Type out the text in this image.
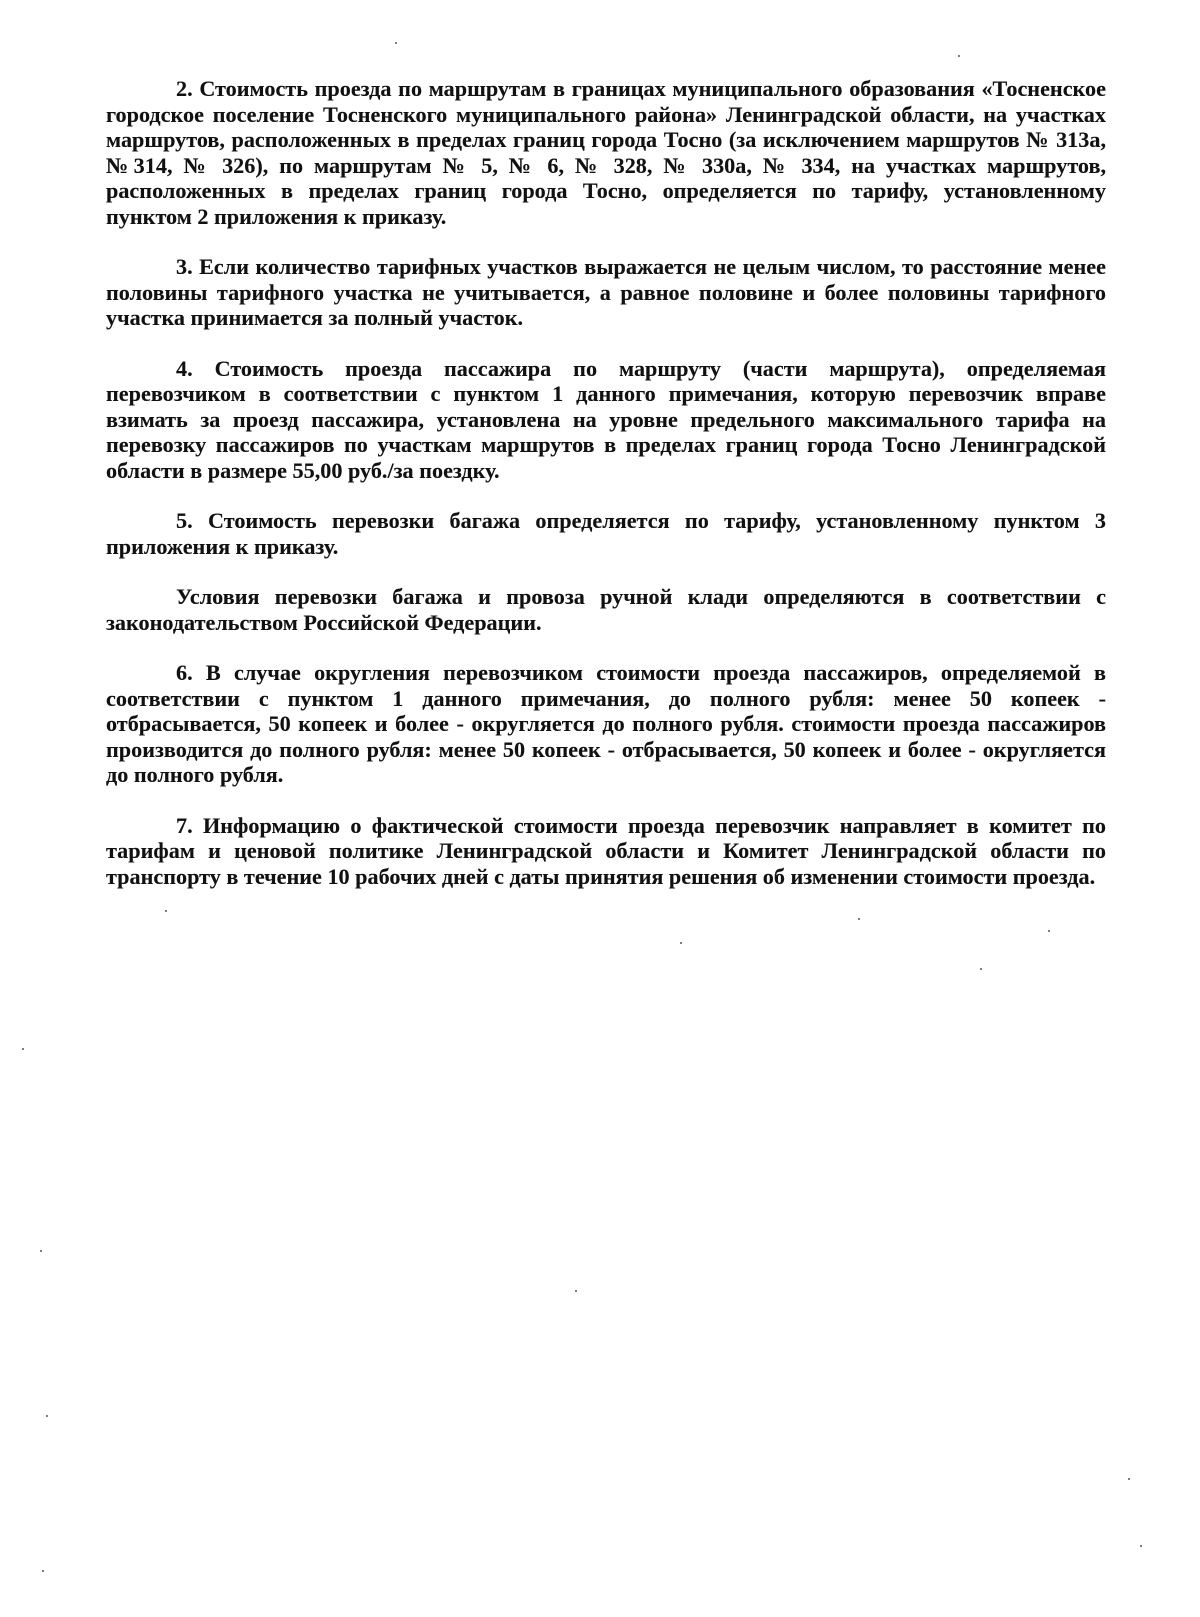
2. Стоимость проезда по маршрутам в границах муниципального образования «Тосненское городское поселение Тосненского муниципального района» Ленинградской области, на участках маршрутов, расположенных в пределах границ города Тосно (за исключением маршрутов № 313а, №314, № 326), по маршрутам № 5, № 6, № 328, № 330а, № 334, на участках маршрутов, расположенных в пределах границ города Тосно, определяется по тарифу, установленному пунктом 2 приложения к приказу.

3. Если количество тарифных участков выражается не целым числом, то расстояние менее половины тарифного участка не учитывается, а равное половине и более половины тарифного участка принимается за полный участок.

4. Стоимость проезда пассажира по маршруту (части маршрута), определяемая перевозчиком в соответствии с пунктом 1 данного примечания, которую перевозчик вправе взимать за проезд пассажира, установлена на уровне предельного максимального тарифа на перевозку пассажиров по участкам маршрутов в пределах границ города Тосно Ленинградской области в размере 55,00 руб./за поездку.

5. Стоимость перевозки багажа определяется по тарифу, установленному пунктом 3 приложения к приказу.

Условия перевозки багажа и провоза ручной клади определяются в соответствии с законодательством Российской Федерации.

6. В случае округления перевозчиком стоимости проезда пассажиров, определяемой в соответствии с пунктом 1 данного примечания, до полного рубля: менее 50 копеек - отбрасывается, 50 копеек и более - округляется до полного рубля. стоимости проезда пассажиров производится до полного рубля: менее 50 копеек - отбрасывается, 50 копеек и более - округляется до полного рубля.

7. Информацию о фактической стоимости проезда перевозчик направляет в комитет по тарифам и ценовой политике Ленинградской области и Комитет Ленинградской области по транспорту в течение 10 рабочих дней с даты принятия решения об изменении стоимости проезда.
